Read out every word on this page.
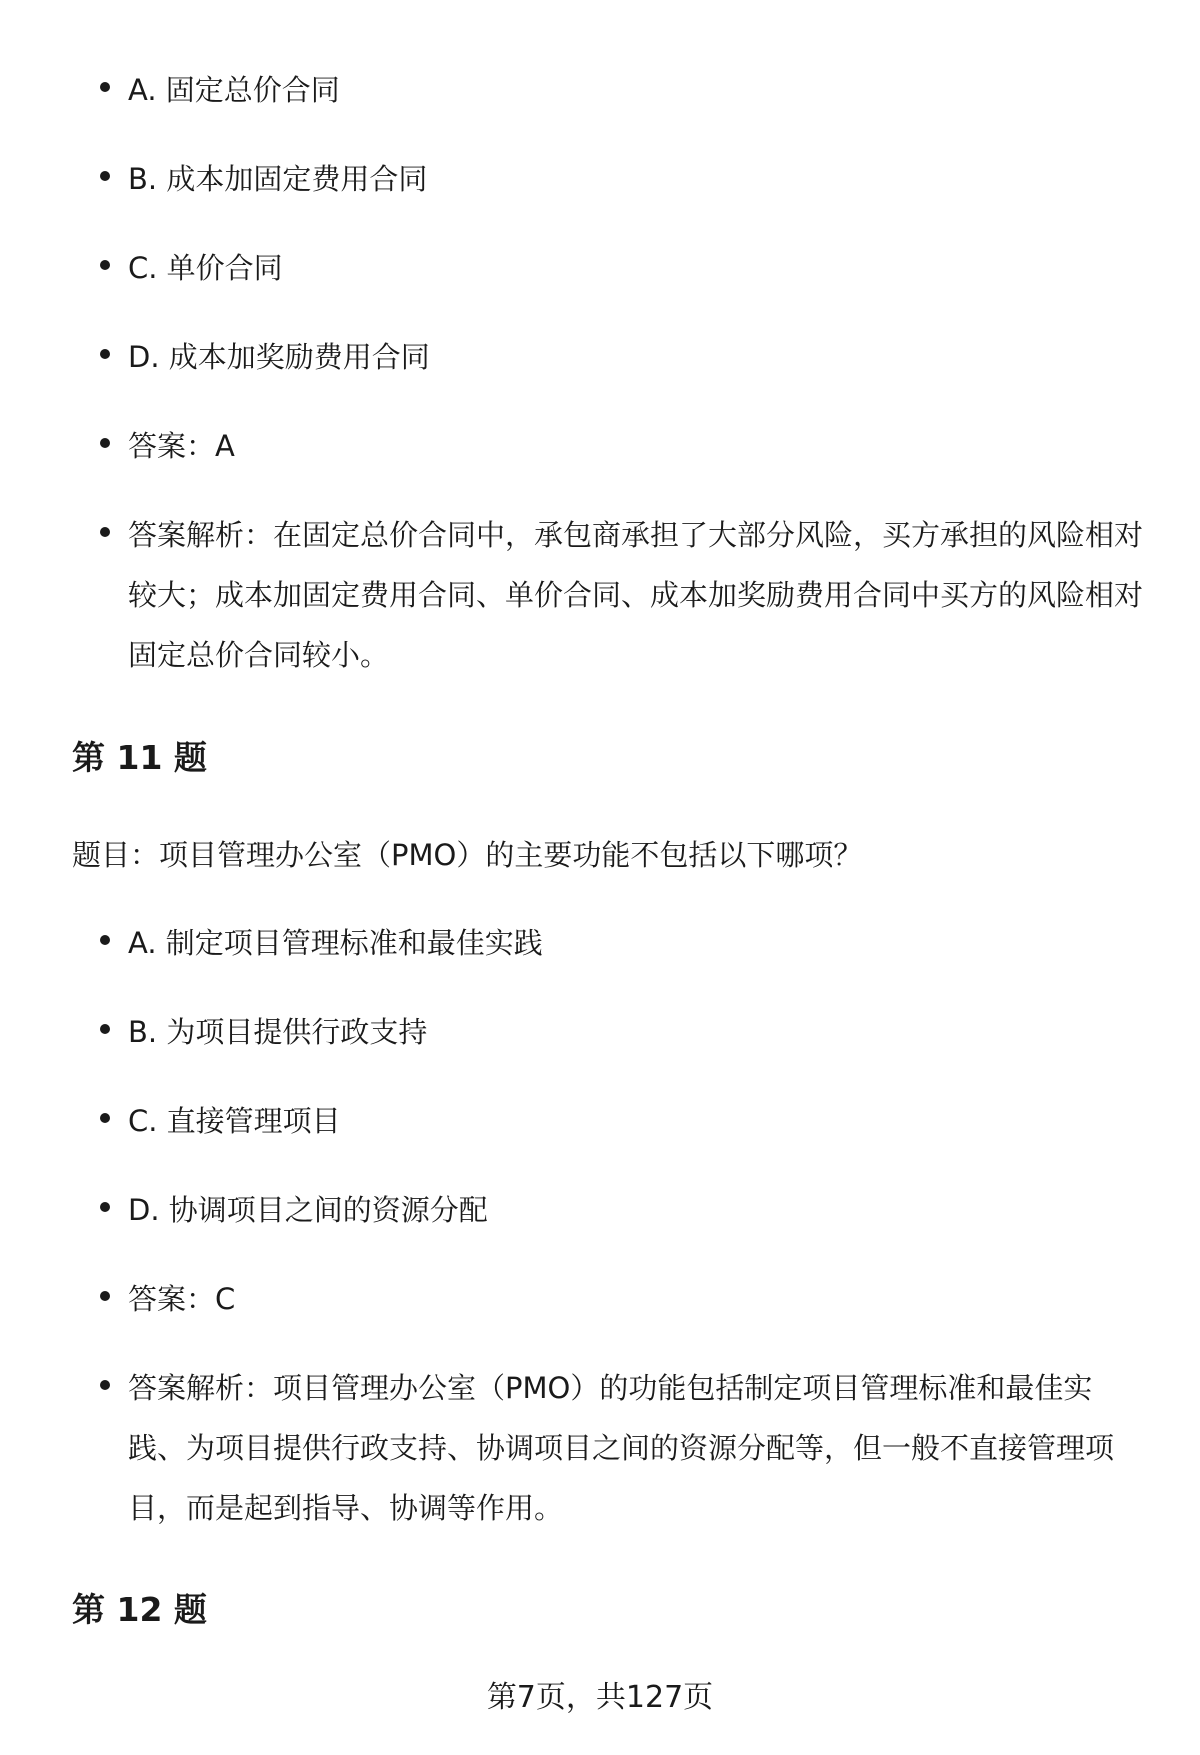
A. 固定总价合同
B. 成本加固定费用合同
C. 单价合同
D. 成本加奖励费用合同
答案：A
答案解析：在固定总价合同中，承包商承担了大部分风险，买方承担的风险相对较大；成本加固定费用合同、单价合同、成本加奖励费用合同中买方的风险相对固定总价合同较小。
第 11 题
题目：项目管理办公室（PMO）的主要功能不包括以下哪项？
A. 制定项目管理标准和最佳实践
B. 为项目提供行政支持
C. 直接管理项目
D. 协调项目之间的资源分配
答案：C
答案解析：项目管理办公室（PMO）的功能包括制定项目管理标准和最佳实践、为项目提供行政支持、协调项目之间的资源分配等，但一般不直接管理项目，而是起到指导、协调等作用。
第 12 题
第7页，共127页
